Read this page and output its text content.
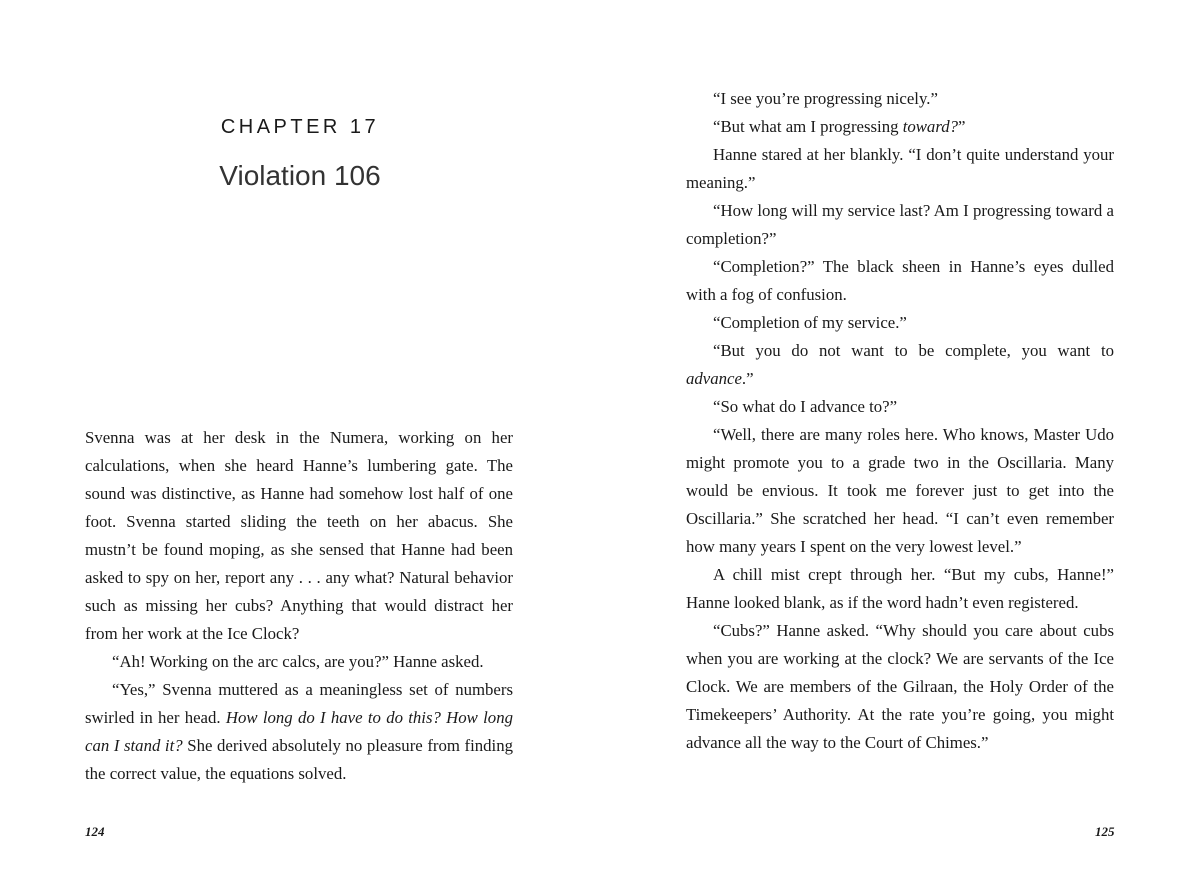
CHAPTER 17
Violation 106

Svenna was at her desk in the Numera, working on her calculations, when she heard Hanne’s lumbering gate. The sound was distinctive, as Hanne had somehow lost half of one foot. Svenna started sliding the teeth on her abacus. She mustn’t be found moping, as she sensed that Hanne had been asked to spy on her, report any . . . any what? Natural behavior such as missing her cubs? Anything that would distract her from her work at the Ice Clock?

“Ah! Working on the arc calcs, are you?” Hanne asked.

“Yes,” Svenna muttered as a meaningless set of numbers swirled in her head. How long do I have to do this? How long can I stand it? She derived absolutely no pleasure from finding the correct value, the equations solved.

124

“I see you’re progressing nicely.”

“But what am I progressing toward?”

Hanne stared at her blankly. “I don’t quite understand your meaning.”

“How long will my service last? Am I progressing toward a completion?”

“Completion?” The black sheen in Hanne’s eyes dulled with a fog of confusion.

“Completion of my service.”

“But you do not want to be complete, you want to advance.”

“So what do I advance to?”

“Well, there are many roles here. Who knows, Master Udo might promote you to a grade two in the Oscillaria. Many would be envious. It took me forever just to get into the Oscillaria.” She scratched her head. “I can’t even remember how many years I spent on the very lowest level.”

A chill mist crept through her. “But my cubs, Hanne!” Hanne looked blank, as if the word hadn’t even registered.

“Cubs?” Hanne asked. “Why should you care about cubs when you are working at the clock? We are servants of the Ice Clock. We are members of the Gilraan, the Holy Order of the Timekeepers’ Authority. At the rate you’re going, you might advance all the way to the Court of Chimes.”

125
